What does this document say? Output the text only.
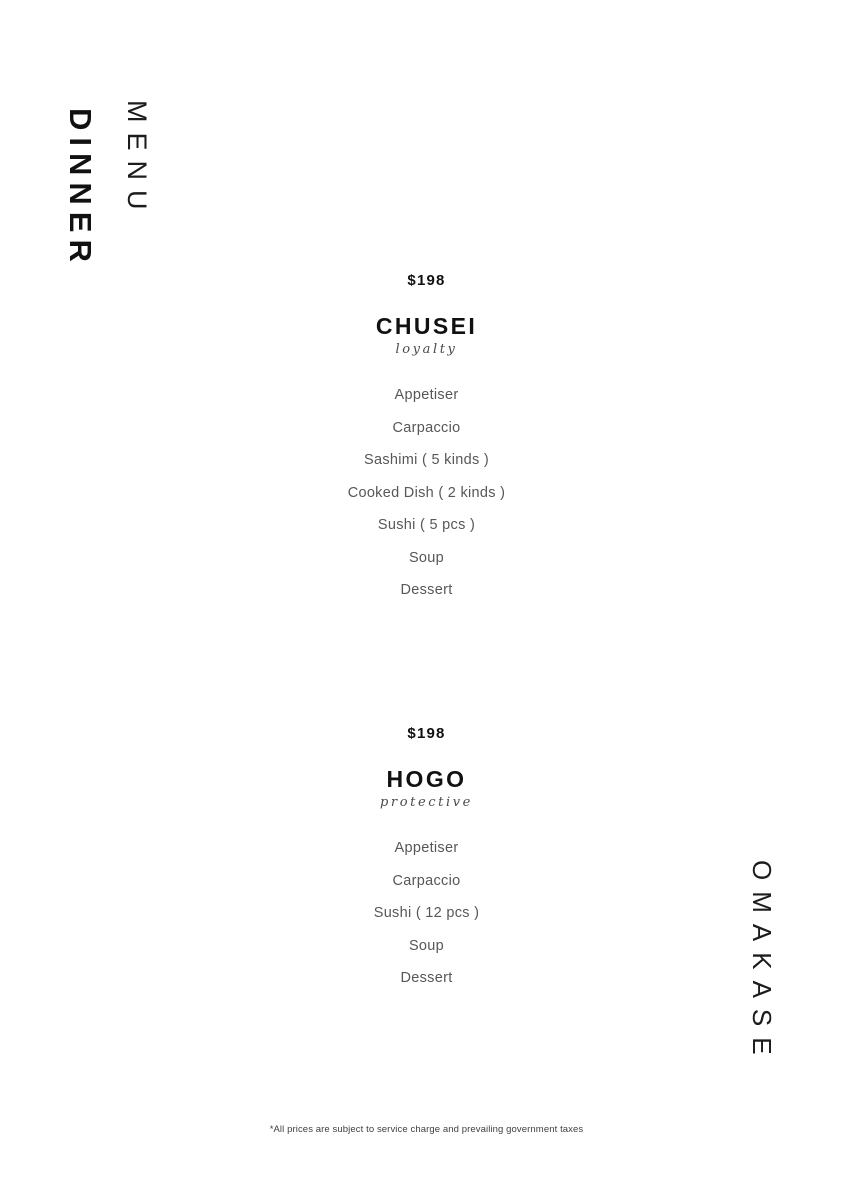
DINNER MENU
$198
CHUSEI
loyalty
Appetiser
Carpaccio
Sashimi ( 5 kinds )
Cooked Dish ( 2 kinds )
Sushi ( 5 pcs )
Soup
Dessert
$198
HOGO
protective
Appetiser
Carpaccio
Sushi ( 12 pcs )
Soup
Dessert	OMAKASE
*All prices are subject to service charge and prevailing government taxes
